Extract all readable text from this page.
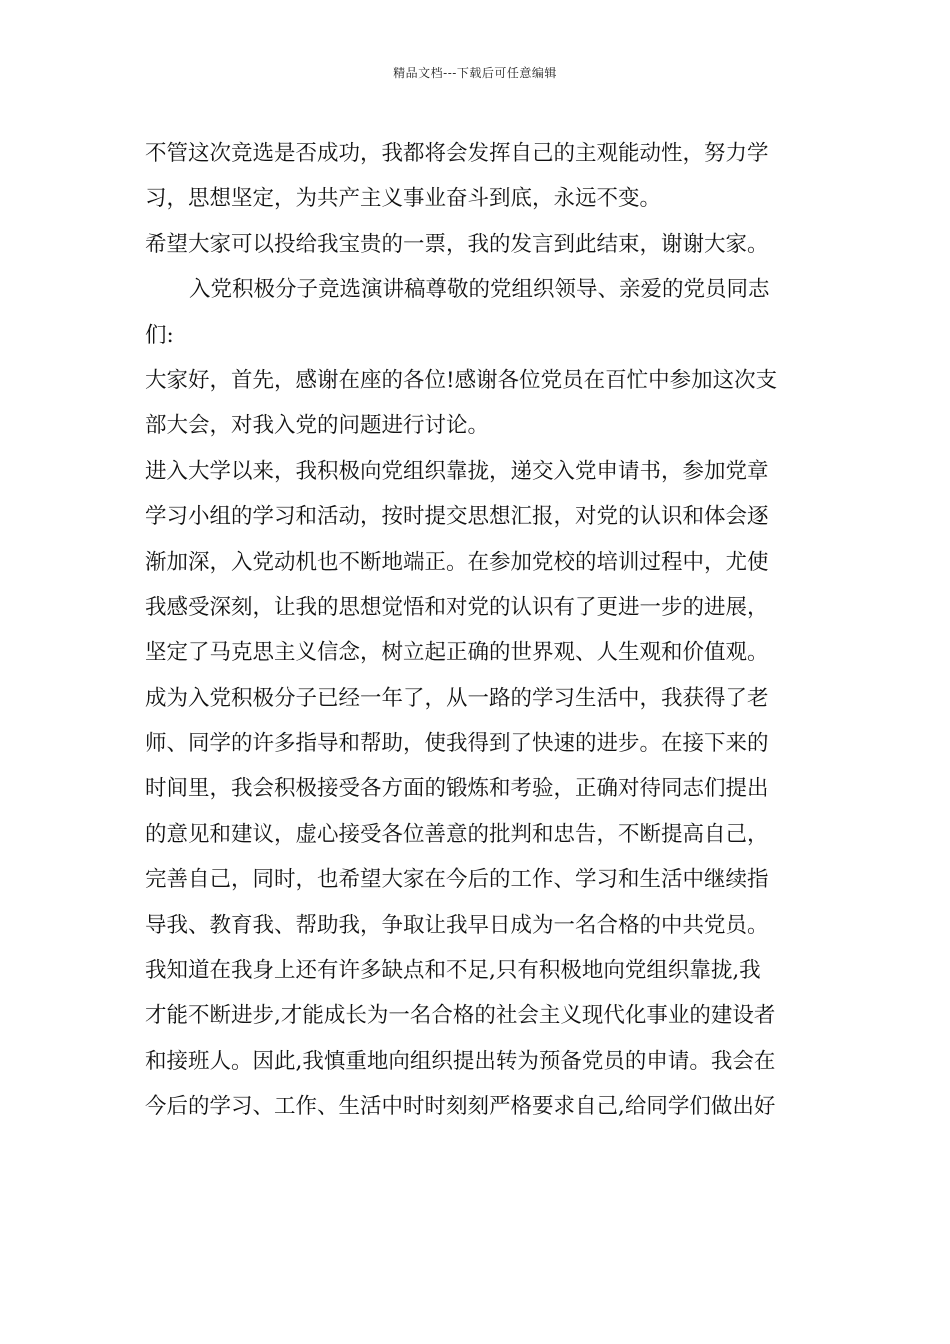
精品文档---下载后可任意编辑
不管这次竞选是否成功，我都将会发挥自己的主观能动性，努力学
习，思想坚定，为共产主义事业奋斗到底，永远不变。
希望大家可以投给我宝贵的一票，我的发言到此结束，谢谢大家。
入党积极分子竞选演讲稿尊敬的党组织领导、亲爱的党员同志
们:
大家好，首先，感谢在座的各位!感谢各位党员在百忙中参加这次支
部大会，对我入党的问题进行讨论。
进入大学以来，我积极向党组织靠拢，递交入党申请书，参加党章
学习小组的学习和活动，按时提交思想汇报，对党的认识和体会逐
渐加深，入党动机也不断地端正。在参加党校的培训过程中，尤使
我感受深刻，让我的思想觉悟和对党的认识有了更进一步的进展，
坚定了马克思主义信念，树立起正确的世界观、人生观和价值观。
成为入党积极分子已经一年了，从一路的学习生活中，我获得了老
师、同学的许多指导和帮助，使我得到了快速的进步。在接下来的
时间里，我会积极接受各方面的锻炼和考验，正确对待同志们提出
的意见和建议，虚心接受各位善意的批判和忠告，不断提高自己，
完善自己，同时，也希望大家在今后的工作、学习和生活中继续指
导我、教育我、帮助我，争取让我早日成为一名合格的中共党员。
我知道在我身上还有许多缺点和不足,只有积极地向党组织靠拢,我
才能不断进步,才能成长为一名合格的社会主义现代化事业的建设者
和接班人。因此,我慎重地向组织提出转为预备党员的申请。我会在
今后的学习、工作、生活中时时刻刻严格要求自己,给同学们做出好
